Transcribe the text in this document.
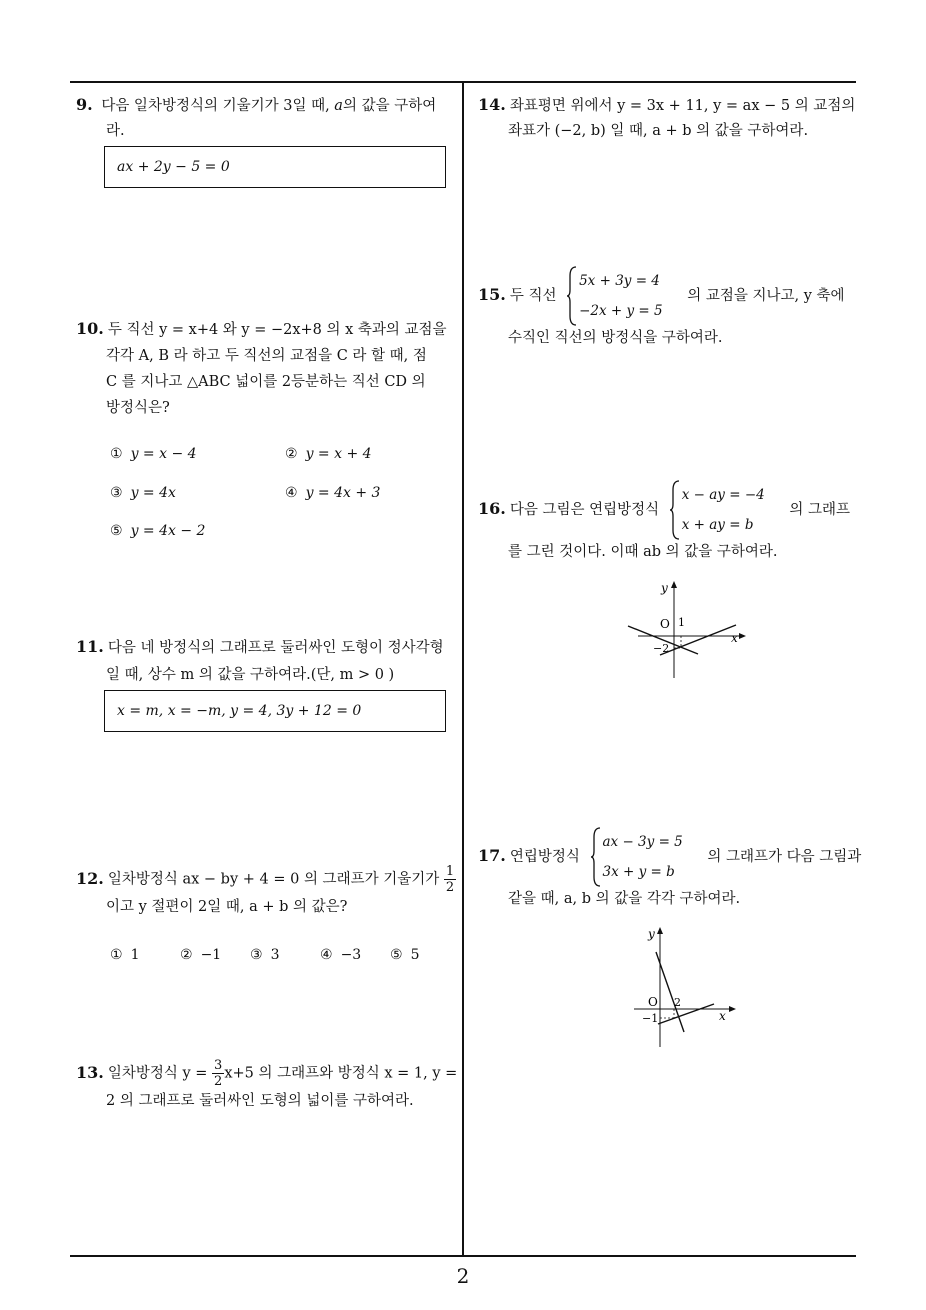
9. 다음 일차방정식의 기울기가 3일 때, a의 값을 구하여
라.
ax + 2y − 5 = 0
10. 두 직선 y = x+4 와 y = −2x+8 의 x 축과의 교점을
각각 A, B 라 하고 두 직선의 교점을 C 라 할 때, 점
C 를 지나고 △ABC 넓이를 2등분하는 직선 CD 의
방정식은?
① y = x − 4	② y = x + 4
③ y = 4x	④ y = 4x + 3
⑤ y = 4x − 2
11. 다음 네 방정식의 그래프로 둘러싸인 도형이 정사각형
일 때, 상수 m 의 값을 구하여라.(단, m > 0 )
x = m, x = −m, y = 4, 3y + 12 = 0
12. 일차방정식 ax − by + 4 = 0 의 그래프가 기울기가 $\frac{1}{2}$

이고 y 절편이 2일 때, a + b 의 값은?
① 1	② −1 ③ 3	④ −3 ⑤ 5
13. 일차방정식 $y = \frac{3}{2} x+5$ 의 그래프와 방정식 x = 1, y =
2 의 그래프로 둘러싸인 도형의 넓이를 구하여라.
14. 좌표평면 위에서 y = 3x + 11, y = ax − 5 의 교점의
좌표가 (−2, b) 일 때, a + b 의 값을 구하여라.
15. 두 직선
5x + 3y = 4
−2x + y = 5
의 교점을 지나고, y 축에
수직인 직선의 방정식을 구하여라.
16. 다음 그림은 연립방정식
x − ay = −4
x + ay = b
의 그래프
를 그린 것이다. 이때 ab 의 값을 구하여라.
y
x
O 1
−2
17. 연립방정식
ax − 3y = 5
3x + y = b
의 그래프가 다음 그림과
같을 때, a, b 의 값을 각각 구하여라.
y
x
O 2
−1
2
